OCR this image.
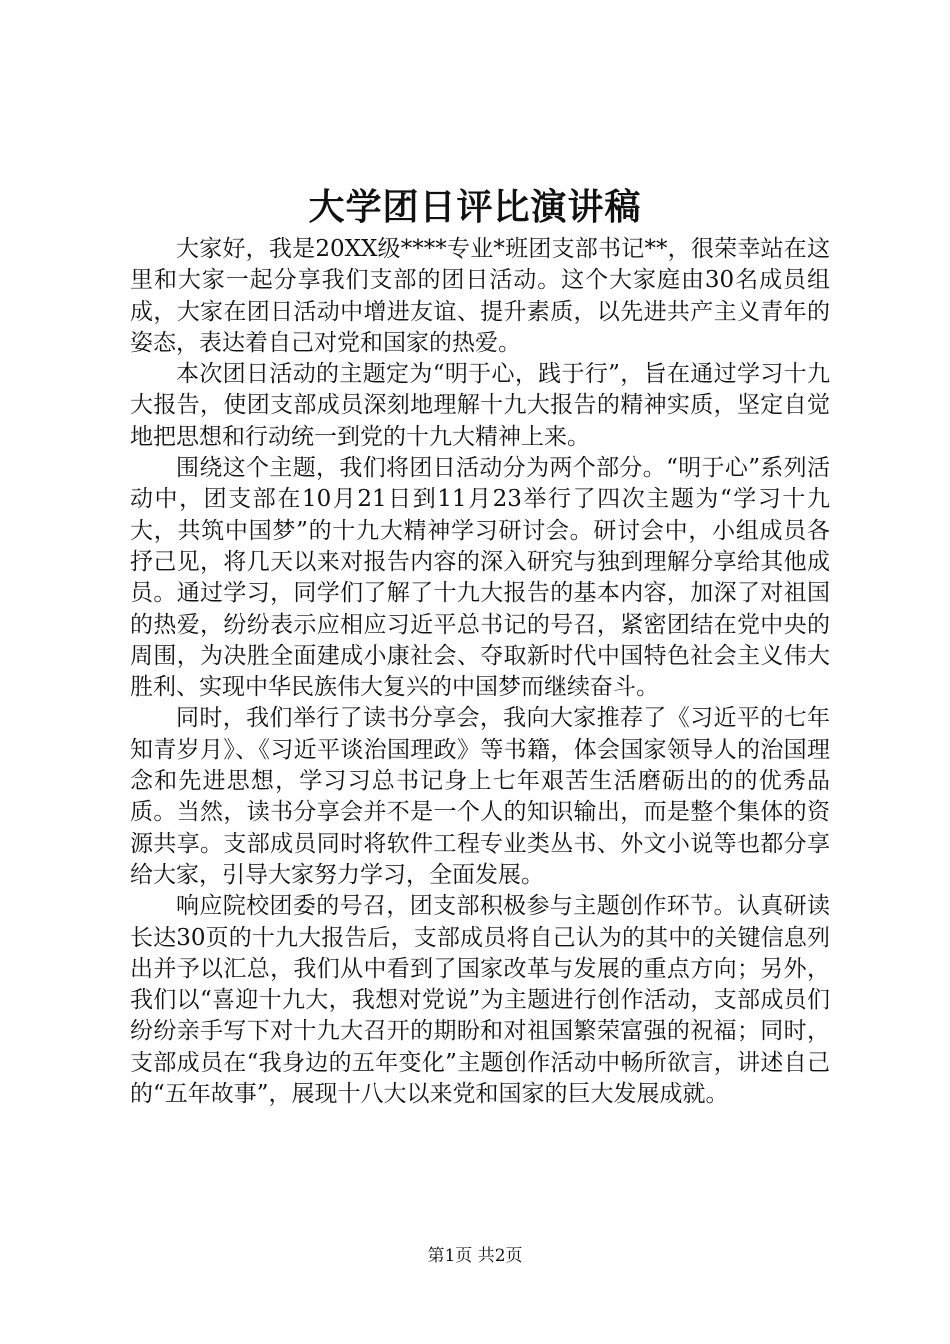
大学团日评比演讲稿

大家好，我是20XX级****专业*班团支部书记**，很荣幸站在这里和大家一起分享我们支部的团日活动。这个大家庭由30名成员组成，大家在团日活动中增进友谊、提升素质，以先进共产主义青年的姿态，表达着自己对党和国家的热爱。

本次团日活动的主题定为“明于心，践于行”，旨在通过学习十九大报告，使团支部成员深刻地理解十九大报告的精神实质，坚定自觉地把思想和行动统一到党的十九大精神上来。

围绕这个主题，我们将团日活动分为两个部分。“明于心”系列活动中，团支部在10月21日到11月23举行了四次主题为“学习十九大，共筑中国梦”的十九大精神学习研讨会。研讨会中，小组成员各抒己见，将几天以来对报告内容的深入研究与独到理解分享给其他成员。通过学习，同学们了解了十九大报告的基本内容，加深了对祖国的热爱，纷纷表示应相应习近平总书记的号召，紧密团结在党中央的周围，为决胜全面建成小康社会、夺取新时代中国特色社会主义伟大胜利、实现中华民族伟大复兴的中国梦而继续奋斗。

同时，我们举行了读书分享会，我向大家推荐了《习近平的七年知青岁月》、《习近平谈治国理政》等书籍，体会国家领导人的治国理念和先进思想，学习习总书记身上七年艰苦生活磨砺出的的优秀品质。当然，读书分享会并不是一个人的知识输出，而是整个集体的资源共享。支部成员同时将软件工程专业类丛书、外文小说等也都分享给大家，引导大家努力学习，全面发展。

响应院校团委的号召，团支部积极参与主题创作环节。认真研读长达30页的十九大报告后，支部成员将自己认为的其中的关键信息列出并予以汇总，我们从中看到了国家改革与发展的重点方向；另外，我们以“喜迎十九大，我想对党说”为主题进行创作活动，支部成员们纷纷亲手写下对十九大召开的期盼和对祖国繁荣富强的祝福；同时，支部成员在“我身边的五年变化”主题创作活动中畅所欲言，讲述自己的“五年故事”，展现十八大以来党和国家的巨大发展成就。

第1页 共2页
